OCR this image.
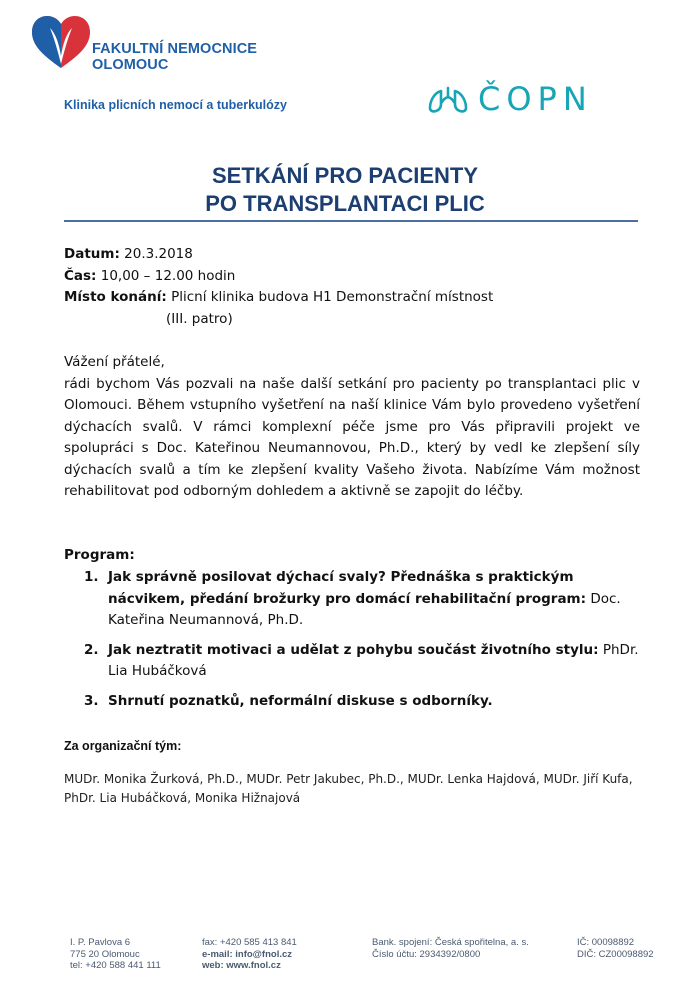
FAKULTNÍ NEMOCNICE
OLOMOUC
Klinika plicních nemocí a tuberkulózy	ČOPN
SETKÁNÍ PRO PACIENTY
PO TRANSPLANTACI PLIC
Datum: 20.3.2018
Čas: 10,00 – 12.00 hodin
Místo konání: Plicní klinika budova H1 Demonstrační místnost
(III. patro)

Vážení přátelé,

rádi bychom Vás pozvali na naše další setkání pro pacienty po transplantaci plic v Olomouci. Během vstupního vyšetření na naší klinice Vám bylo provedeno vyšetření dýchacích svalů. V rámci komplexní péče jsme pro Vás připravili projekt ve spolupráci s Doc. Kateřinou Neumannovou, Ph.D., který by vedl ke zlepšení síly dýchacích svalů a tím ke zlepšení kvality Vašeho života. Nabízíme Vám možnost rehabilitovat pod odborným dohledem a aktivně se zapojit do léčby.

Program:
1. Jak správně posilovat dýchací svaly? Přednáška s praktickým nácvikem, předání brožurky pro domácí rehabilitační program: Doc. Kateřina Neumannová, Ph.D.
2. Jak neztratit motivaci a udělat z pohybu součást životního stylu: PhDr. Lia Hubáčková
3. Shrnutí poznatků, neformální diskuse s odborníky.
Za organizační tým:
MUDr. Monika Žurková, Ph.D., MUDr. Petr Jakubec, Ph.D., MUDr. Lenka Hajdová, MUDr. Jiří Kufa, PhDr. Lia Hubáčková, Monika Hižnajová
I. P. Pavlova 6
775 20 Olomouc
tel: +420 588 441 111
fax: +420 585 413 841
e-mail: info@fnol.cz
web: www.fnol.cz
Bank. spojení: Česká spořitelna, a. s.
Číslo účtu: 2934392/0800
IČ: 00098892
DIČ: CZ00098892
